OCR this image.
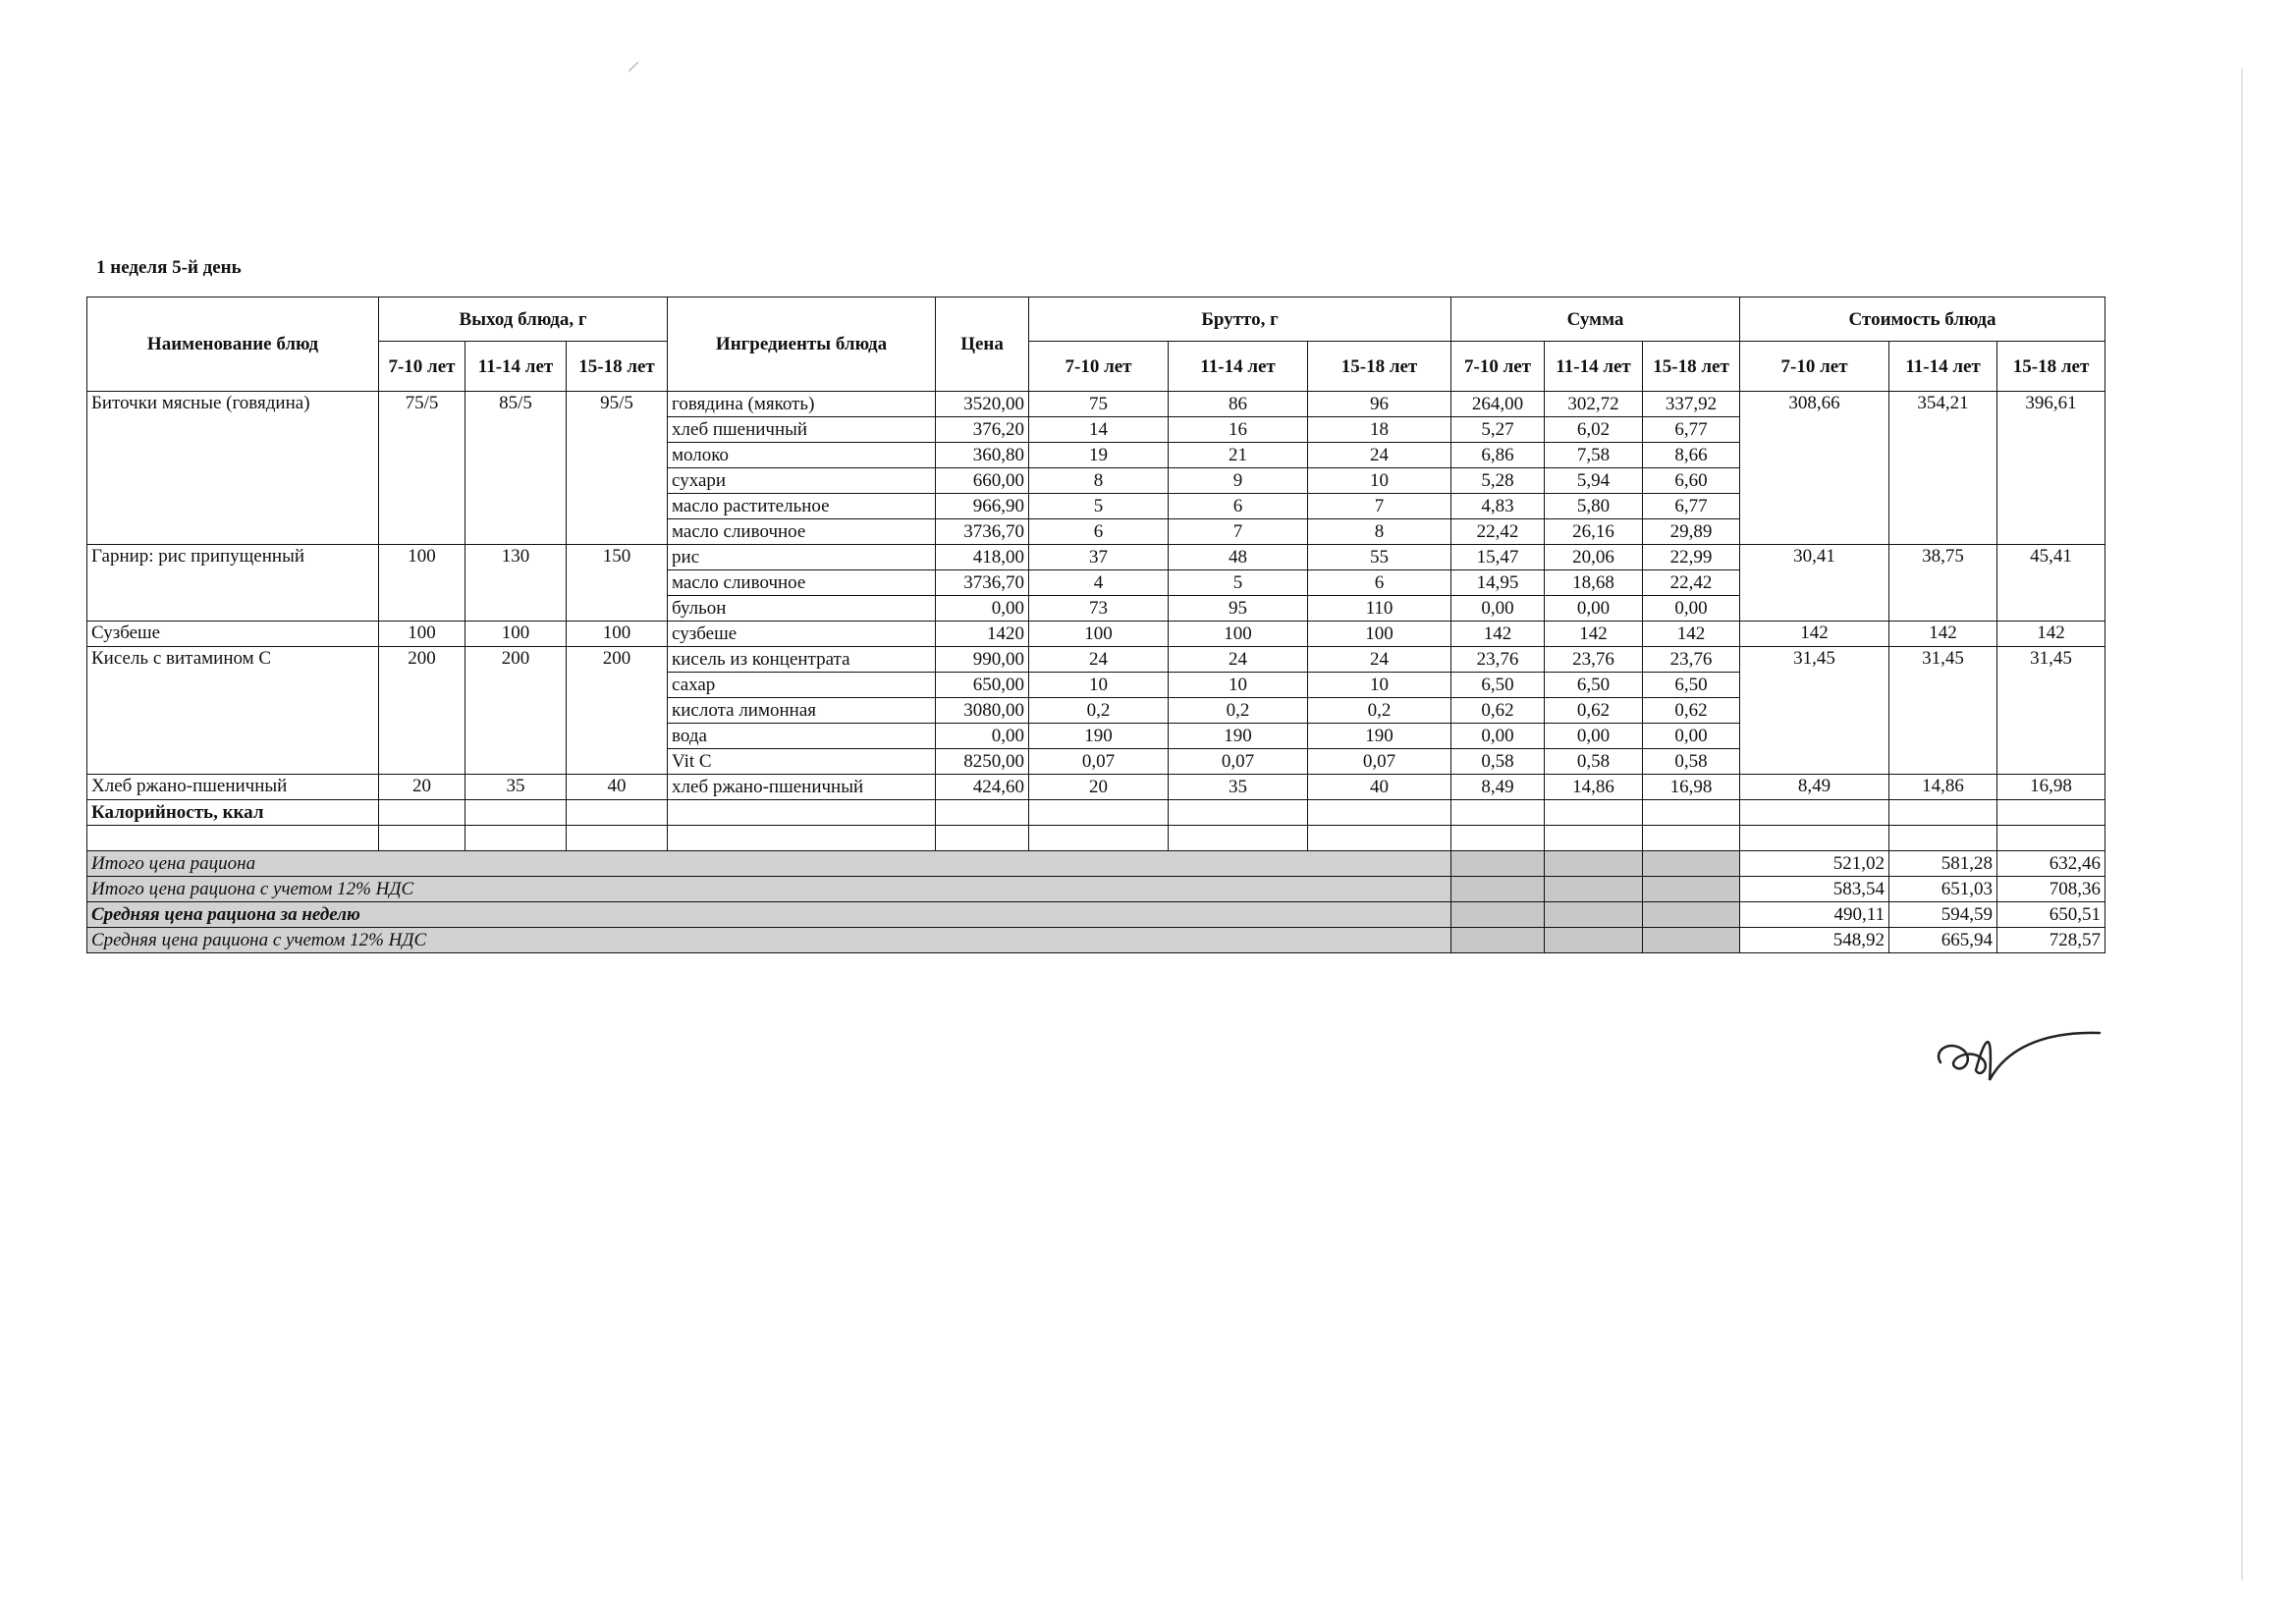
⸝

1 неделя 5-й день

Наименование блюд	Выход блюда, г			Ингредиенты блюда	Цена	Брутто, г			Сумма			Стоимость блюда		
	7-10 лет	11-14 лет	15-18 лет			7-10 лет	11-14 лет	15-18 лет	7-10 лет	11-14 лет	15-18 лет	7-10 лет	11-14 лет	15-18 лет
Биточки мясные (говядина)	75/5	85/5	95/5	говядина (мякоть)	3520,00	75	86	96	264,00	302,72	337,92	308,66	354,21	396,61
				хлеб пшеничный	376,20	14	16	18	5,27	6,02	6,77			
				молоко	360,80	19	21	24	6,86	7,58	8,66			
				сухари	660,00	8	9	10	5,28	5,94	6,60			
				масло растительное	966,90	5	6	7	4,83	5,80	6,77			
				масло сливочное	3736,70	6	7	8	22,42	26,16	29,89			
Гарнир: рис припущенный	100	130	150	рис	418,00	37	48	55	15,47	20,06	22,99	30,41	38,75	45,41
				масло сливочное	3736,70	4	5	6	14,95	18,68	22,42			
				бульон	0,00	73	95	110	0,00	0,00	0,00			
Сузбеше	100	100	100	сузбеше	1420	100	100	100	142	142	142	142	142	142
Кисель с витамином С	200	200	200	кисель из концентрата	990,00	24	24	24	23,76	23,76	23,76	31,45	31,45	31,45
				сахар	650,00	10	10	10	6,50	6,50	6,50			
				кислота лимонная	3080,00	0,2	0,2	0,2	0,62	0,62	0,62			
				вода	0,00	190	190	190	0,00	0,00	0,00			
				Vit C	8250,00	0,07	0,07	0,07	0,58	0,58	0,58			
Хлеб ржано-пшеничный	20	35	40	хлеб ржано-пшеничный	424,60	20	35	40	8,49	14,86	16,98	8,49	14,86	16,98
Калорийность, ккал														

Итого цена рациона												521,02	581,28	632,46
Итого цена рациона с учетом 12% НДС												583,54	651,03	708,36
Средняя цена рациона за неделю												490,11	594,59	650,51
Средняя цена рациона с учетом 12% НДС												548,92	665,94	728,57
